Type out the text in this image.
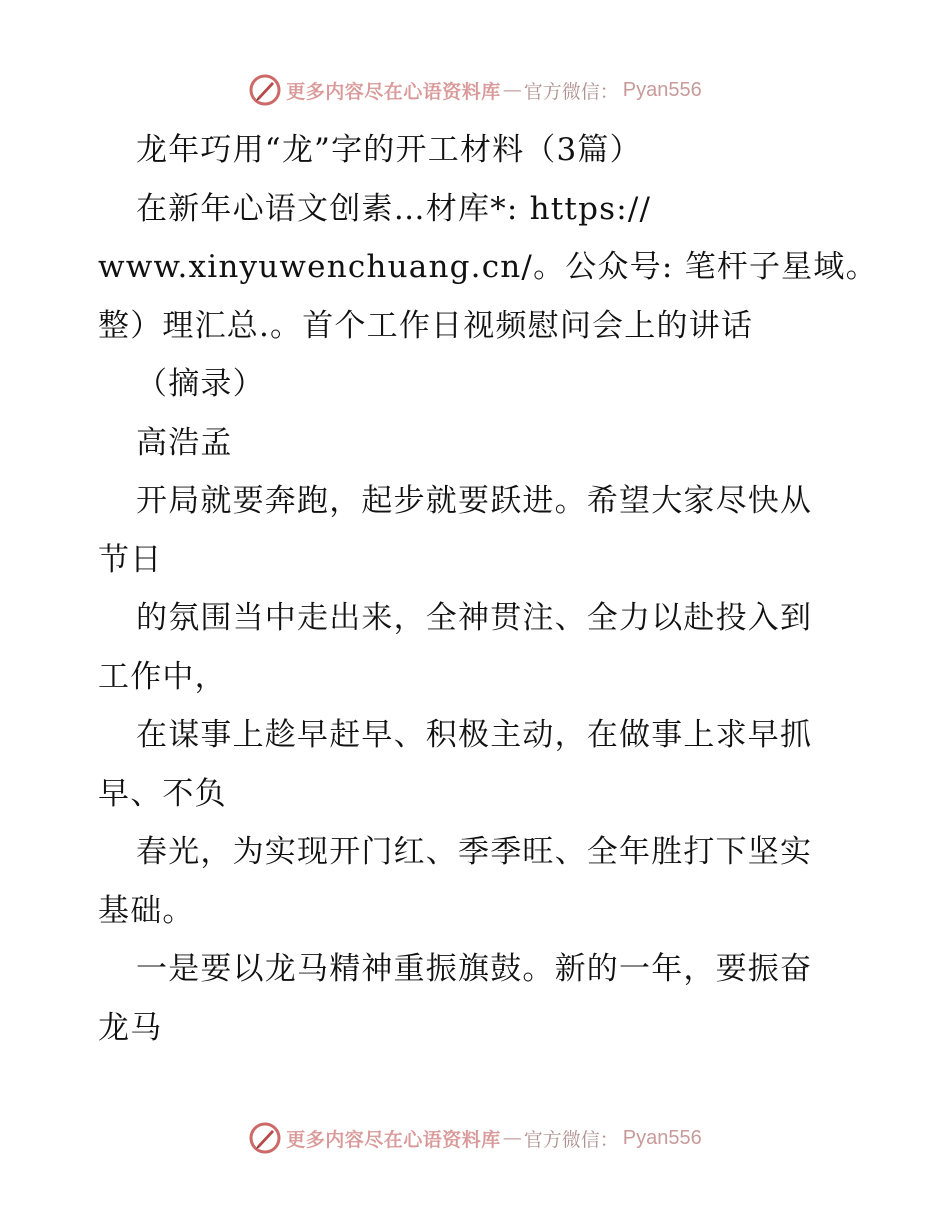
更多内容尽在心语资料库 — 官方微信： Pyan556
龙年巧用“龙”字的开工材料（3篇）
在新年心语文创素…材库*: https://
www.xinyuwenchuang.cn/。公众号: 笔杆子星域。
整）理汇总.。首个工作日视频慰问会上的讲话
（摘录）
高浩孟
开局就要奔跑，起步就要跃进。希望大家尽快从
节日
的氛围当中走出来，全神贯注、全力以赴投入到
工作中，
在谋事上趁早赶早、积极主动，在做事上求早抓
早、不负
春光，为实现开门红、季季旺、全年胜打下坚实
基础。
一是要以龙马精神重振旗鼓。新的一年，要振奋
龙马
更多内容尽在心语资料库 — 官方微信： Pyan556
